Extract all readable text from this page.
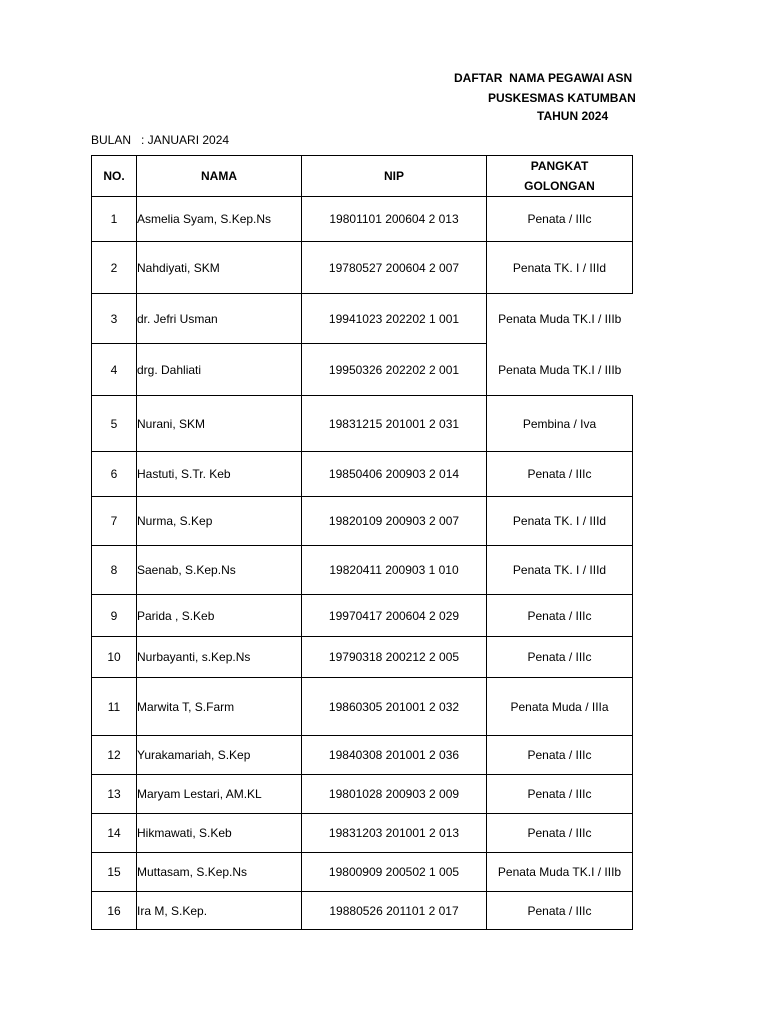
DAFTAR  NAMA PEGAWAI ASN
PUSKESMAS KATUMBAN
TAHUN 2024
BULAN   : JANUARI 2024
NO.	NAMA	NIP	PANGKAT
GOLONGAN

1	Asmelia Syam, S.Kep.Ns	19801101 200604 2 013	Penata / IIIc
2	Nahdiyati, SKM	19780527 200604 2 007	Penata TK. I / IIId
3	dr. Jefri Usman	19941023 202202 1 001	Penata Muda TK.I / IIIb
4	drg. Dahliati	19950326 202202 2 001	Penata Muda TK.I / IIIb
5	Nurani, SKM	19831215 201001 2 031	Pembina / Iva
6	Hastuti, S.Tr. Keb	19850406 200903 2 014	Penata / IIIc
7	Nurma, S.Kep	19820109 200903 2 007	Penata TK. I / IIId
8	Saenab, S.Kep.Ns	19820411 200903 1 010	Penata TK. I / IIId
9	Parida , S.Keb	19970417 200604 2 029	Penata / IIIc
10	Nurbayanti, s.Kep.Ns	19790318 200212 2 005	Penata / IIIc
11	Marwita T, S.Farm	19860305 201001 2 032	Penata Muda / IIIa
12	Yurakamariah, S.Kep	19840308 201001 2 036	Penata / IIIc
13	Maryam Lestari, AM.KL	19801028 200903 2 009	Penata / IIIc
14	Hikmawati, S.Keb	19831203 201001 2 013	Penata / IIIc
15	Muttasam, S.Kep.Ns	19800909 200502 1 005	Penata Muda TK.I / IIIb
16	Ira M, S.Kep.	19880526 201101 2 017	Penata / IIIc
